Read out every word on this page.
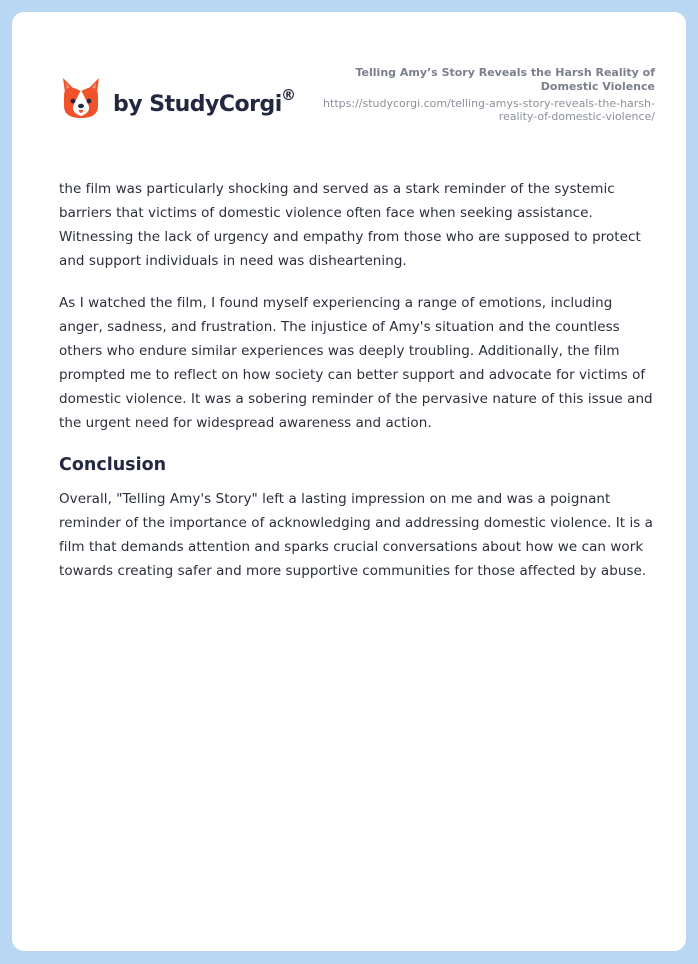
by StudyCorgi ®
Telling Amy’s Story Reveals the Harsh Reality of Domestic Violence
https://studycorgi.com/telling-amys-story-reveals-the-harsh-reality-of-domestic-violence/

the film was particularly shocking and served as a stark reminder of the systemic barriers that victims of domestic violence often face when seeking assistance. Witnessing the lack of urgency and empathy from those who are supposed to protect and support individuals in need was disheartening.

As I watched the film, I found myself experiencing a range of emotions, including anger, sadness, and frustration. The injustice of Amy's situation and the countless others who endure similar experiences was deeply troubling. Additionally, the film prompted me to reflect on how society can better support and advocate for victims of domestic violence. It was a sobering reminder of the pervasive nature of this issue and the urgent need for widespread awareness and action.

Conclusion

Overall, "Telling Amy's Story" left a lasting impression on me and was a poignant reminder of the importance of acknowledging and addressing domestic violence. It is a film that demands attention and sparks crucial conversations about how we can work towards creating safer and more supportive communities for those affected by abuse.
